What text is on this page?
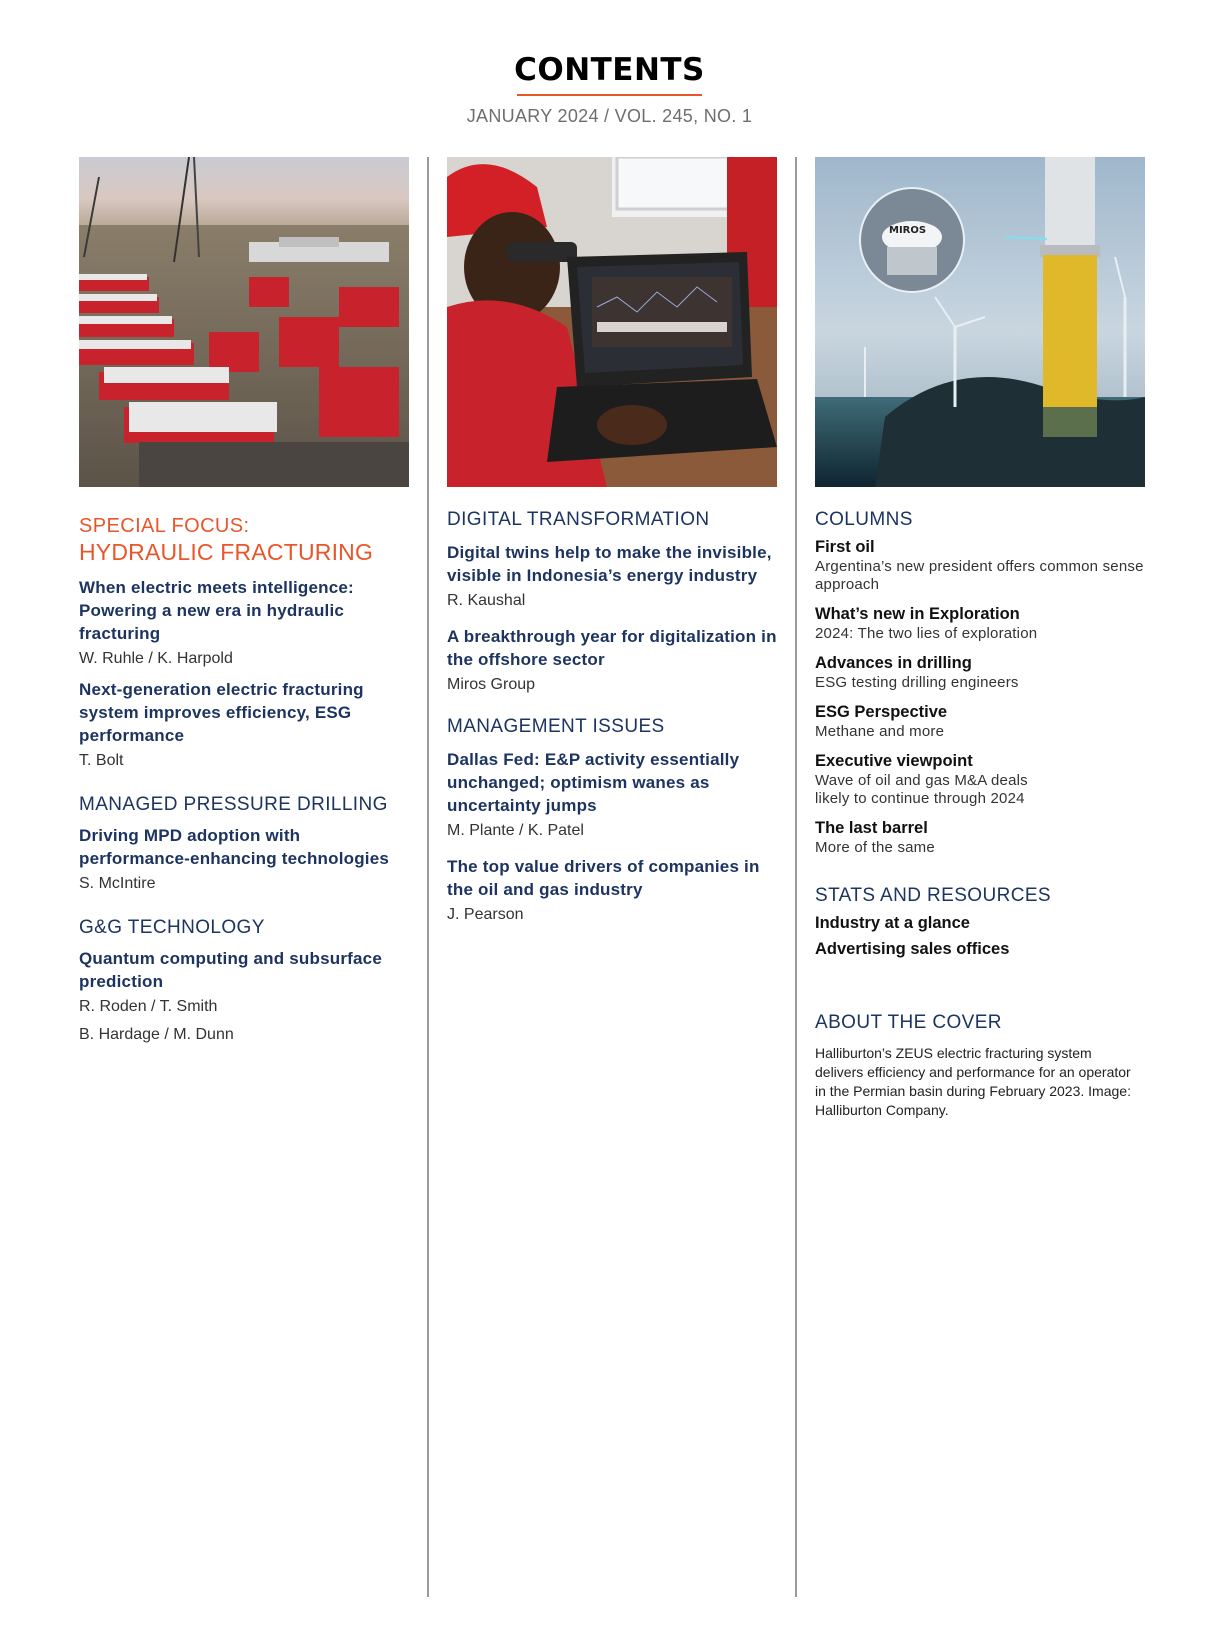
CONTENTS
JANUARY 2024 / VOL. 245, NO. 1
SPECIAL FOCUS:
HYDRAULIC FRACTURING
When electric meets intelligence: Powering a new era in hydraulic fracturing
W. Ruhle / K. Harpold
Next-generation electric fracturing system improves efficiency, ESG performance
T. Bolt
MANAGED PRESSURE DRILLING
Driving MPD adoption with performance-enhancing technologies
S. McIntire
G&G TECHNOLOGY
Quantum computing and subsurface prediction
R. Roden / T. Smith
B. Hardage / M. Dunn
DIGITAL TRANSFORMATION
Digital twins help to make the invisible, visible in Indonesia’s energy industry
R. Kaushal
A breakthrough year for digitalization in the offshore sector
Miros Group
MANAGEMENT ISSUES
Dallas Fed: E&P activity essentially unchanged; optimism wanes as uncertainty jumps
M. Plante / K. Patel
The top value drivers of companies in the oil and gas industry
J. Pearson
MIROS
COLUMNS
First oil
Argentina’s new president offers common sense approach
What’s new in Exploration
2024: The two lies of exploration
Advances in drilling
ESG testing drilling engineers
ESG Perspective
Methane and more
Executive viewpoint
Wave of oil and gas M&A deals likely to continue through 2024
The last barrel
More of the same
STATS AND RESOURCES
Industry at a glance
Advertising sales offices
ABOUT THE COVER
Halliburton’s ZEUS electric fracturing system delivers efficiency and performance for an operator in the Permian basin during February 2023. Image: Halliburton Company.
